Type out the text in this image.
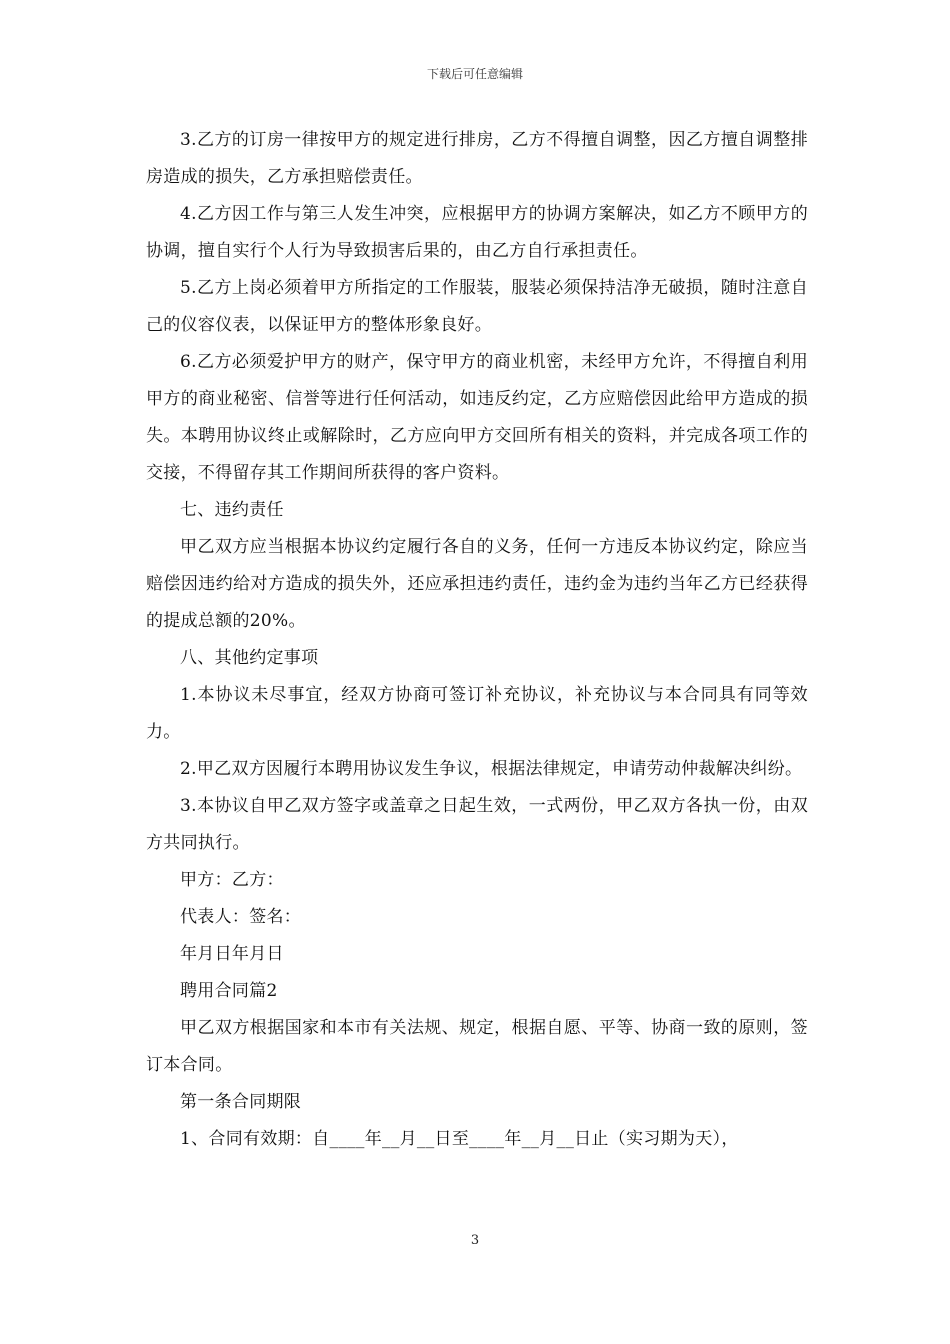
下载后可任意编辑

3.乙方的订房一律按甲方的规定进行排房，乙方不得擅自调整，因乙方擅自调整排房造成的损失，乙方承担赔偿责任。

4.乙方因工作与第三人发生冲突，应根据甲方的协调方案解决，如乙方不顾甲方的协调，擅自实行个人行为导致损害后果的，由乙方自行承担责任。

5.乙方上岗必须着甲方所指定的工作服装，服装必须保持洁净无破损，随时注意自己的仪容仪表，以保证甲方的整体形象良好。

6.乙方必须爱护甲方的财产，保守甲方的商业机密，未经甲方允许，不得擅自利用甲方的商业秘密、信誉等进行任何活动，如违反约定，乙方应赔偿因此给甲方造成的损失。本聘用协议终止或解除时，乙方应向甲方交回所有相关的资料，并完成各项工作的交接，不得留存其工作期间所获得的客户资料。

七、违约责任

甲乙双方应当根据本协议约定履行各自的义务，任何一方违反本协议约定，除应当赔偿因违约给对方造成的损失外，还应承担违约责任，违约金为违约当年乙方已经获得的提成总额的20%。

八、其他约定事项

1.本协议未尽事宜，经双方协商可签订补充协议，补充协议与本合同具有同等效力。

2.甲乙双方因履行本聘用协议发生争议，根据法律规定，申请劳动仲裁解决纠纷。

3.本协议自甲乙双方签字或盖章之日起生效，一式两份，甲乙双方各执一份，由双方共同执行。

甲方：乙方：

代表人：签名：

年月日年月日

聘用合同篇2

甲乙双方根据国家和本市有关法规、规定，根据自愿、平等、协商一致的原则，签订本合同。

第一条合同期限

1、合同有效期：自____年__月__日至____年__月__日止（实习期为天），

3
